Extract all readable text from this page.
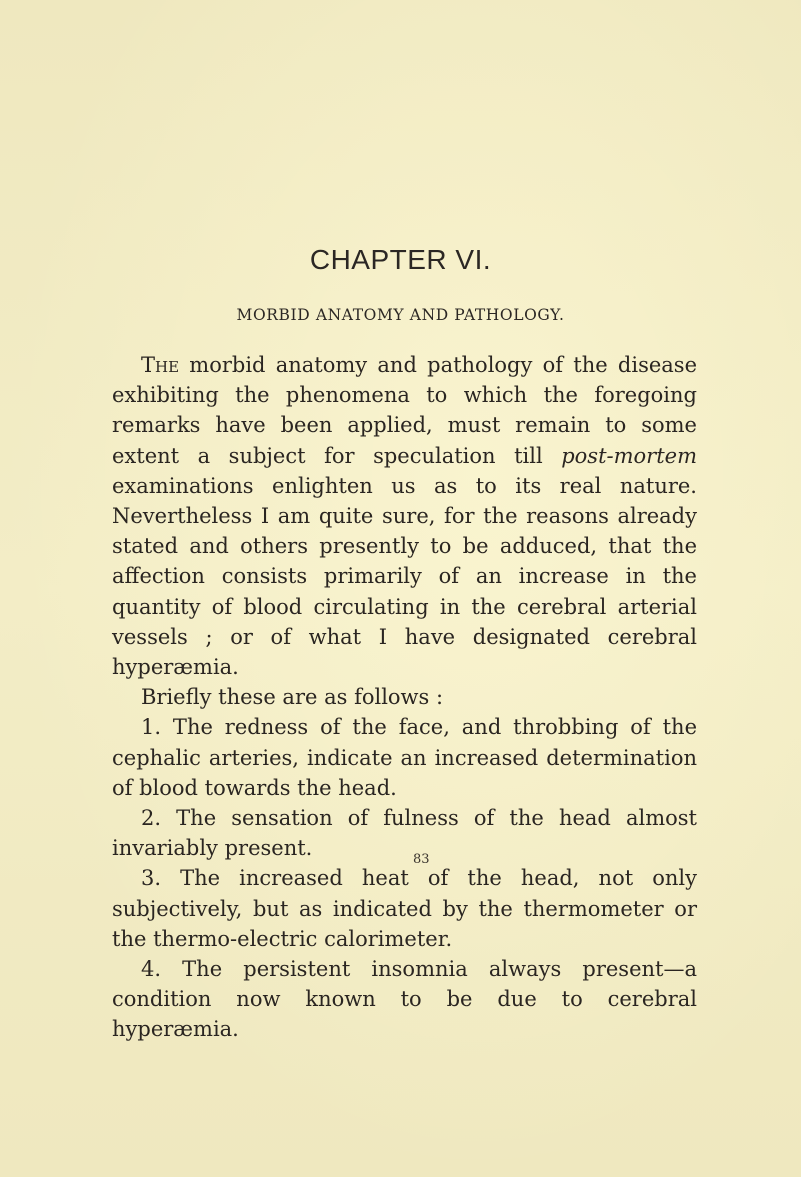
CHAPTER VI.
MORBID ANATOMY AND PATHOLOGY.

The morbid anatomy and pathology of the disease exhibiting the phenomena to which the foregoing remarks have been applied, must remain to some extent a subject for speculation till post-mortem examinations enlighten us as to its real nature. Nevertheless I am quite sure, for the reasons already stated and others presently to be adduced, that the affection consists primarily of an increase in the quantity of blood circulating in the cerebral arterial vessels ; or of what I have designated cerebral hyperæmia.

Briefly these are as follows :

1. The redness of the face, and throbbing of the cephalic arteries, indicate an increased determination of blood towards the head.

2. The sensation of fulness of the head almost invariably present.

3. The increased heat of the head, not only subjectively, but as indicated by the thermometer or the thermo-electric calorimeter.

4. The persistent insomnia always present—a condition now known to be due to cerebral hyperæmia.

83
